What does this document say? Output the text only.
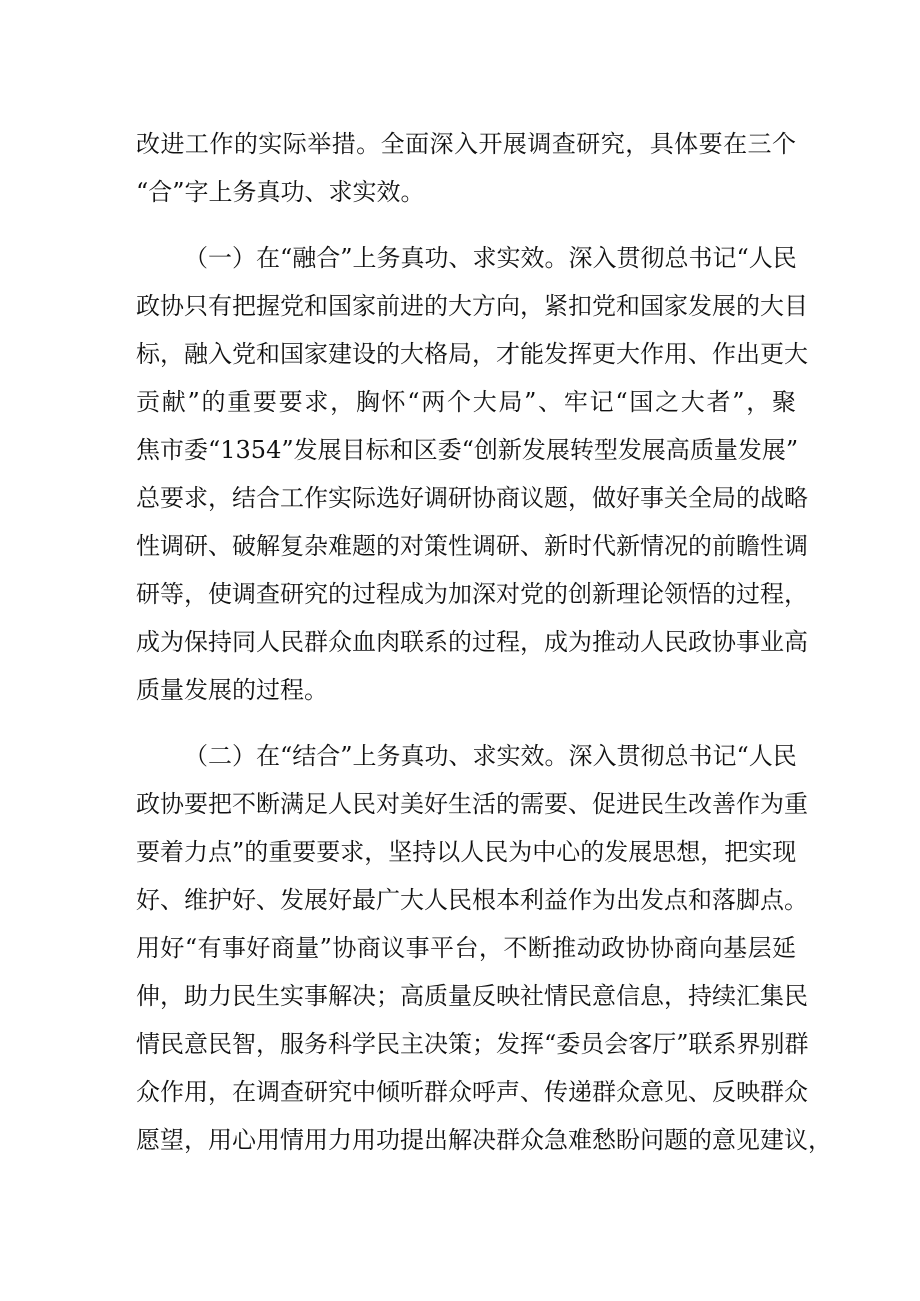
改进工作的实际举措。全面深入开展调查研究，具体要在三个
“合”字上务真功、求实效。
（一）在“融合”上务真功、求实效。深入贯彻总书记“人民
政协只有把握党和国家前进的大方向，紧扣党和国家发展的大目
标，融入党和国家建设的大格局，才能发挥更大作用、作出更大
贡献”的重要要求，胸怀“两个大局”、牢记“国之大者”，聚
焦市委“1354”发展目标和区委“创新发展转型发展高质量发展”
总要求，结合工作实际选好调研协商议题，做好事关全局的战略
性调研、破解复杂难题的对策性调研、新时代新情况的前瞻性调
研等，使调查研究的过程成为加深对党的创新理论领悟的过程，
成为保持同人民群众血肉联系的过程，成为推动人民政协事业高
质量发展的过程。
（二）在“结合”上务真功、求实效。深入贯彻总书记“人民
政协要把不断满足人民对美好生活的需要、促进民生改善作为重
要着力点”的重要要求，坚持以人民为中心的发展思想，把实现
好、维护好、发展好最广大人民根本利益作为出发点和落脚点。
用好“有事好商量”协商议事平台，不断推动政协协商向基层延
伸，助力民生实事解决；高质量反映社情民意信息，持续汇集民
情民意民智，服务科学民主决策；发挥“委员会客厅”联系界别群
众作用，在调查研究中倾听群众呼声、传递群众意见、反映群众
愿望，用心用情用力用功提出解决群众急难愁盼问题的意见建议，
